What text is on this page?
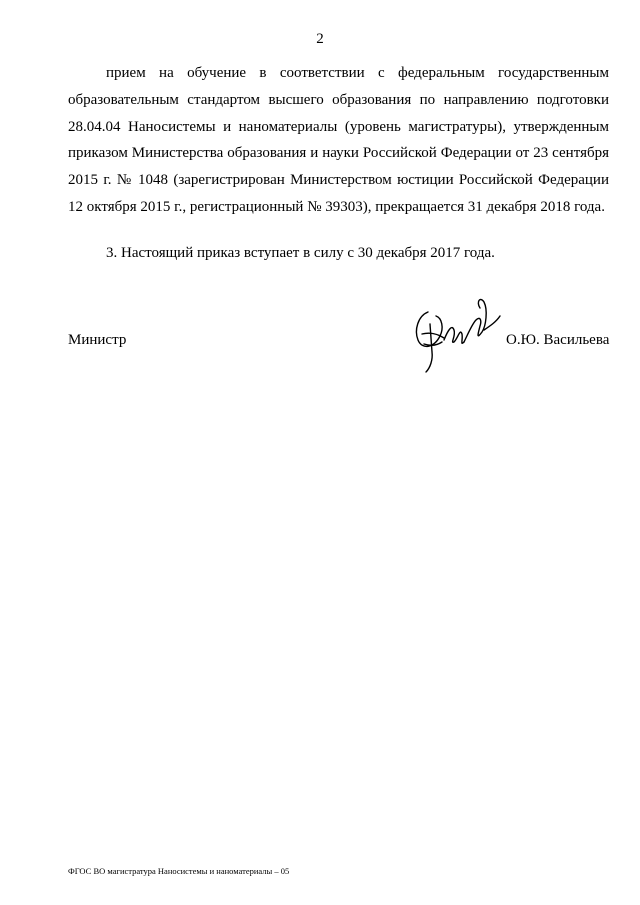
2

прием на обучение в соответствии с федеральным государственным образовательным стандартом высшего образования по направлению подготовки 28.04.04 Наносистемы и наноматериалы (уровень магистратуры), утвержденным приказом Министерства образования и науки Российской Федерации от 23 сентября 2015 г. № 1048 (зарегистрирован Министерством юстиции Российской Федерации 12 октября 2015 г., регистрационный № 39303), прекращается 31 декабря 2018 года.

3. Настоящий приказ вступает в силу с 30 декабря 2017 года.

Министр	О.Ю. Васильева
ФГОС ВО магистратура Наносистемы и наноматериалы – 05
